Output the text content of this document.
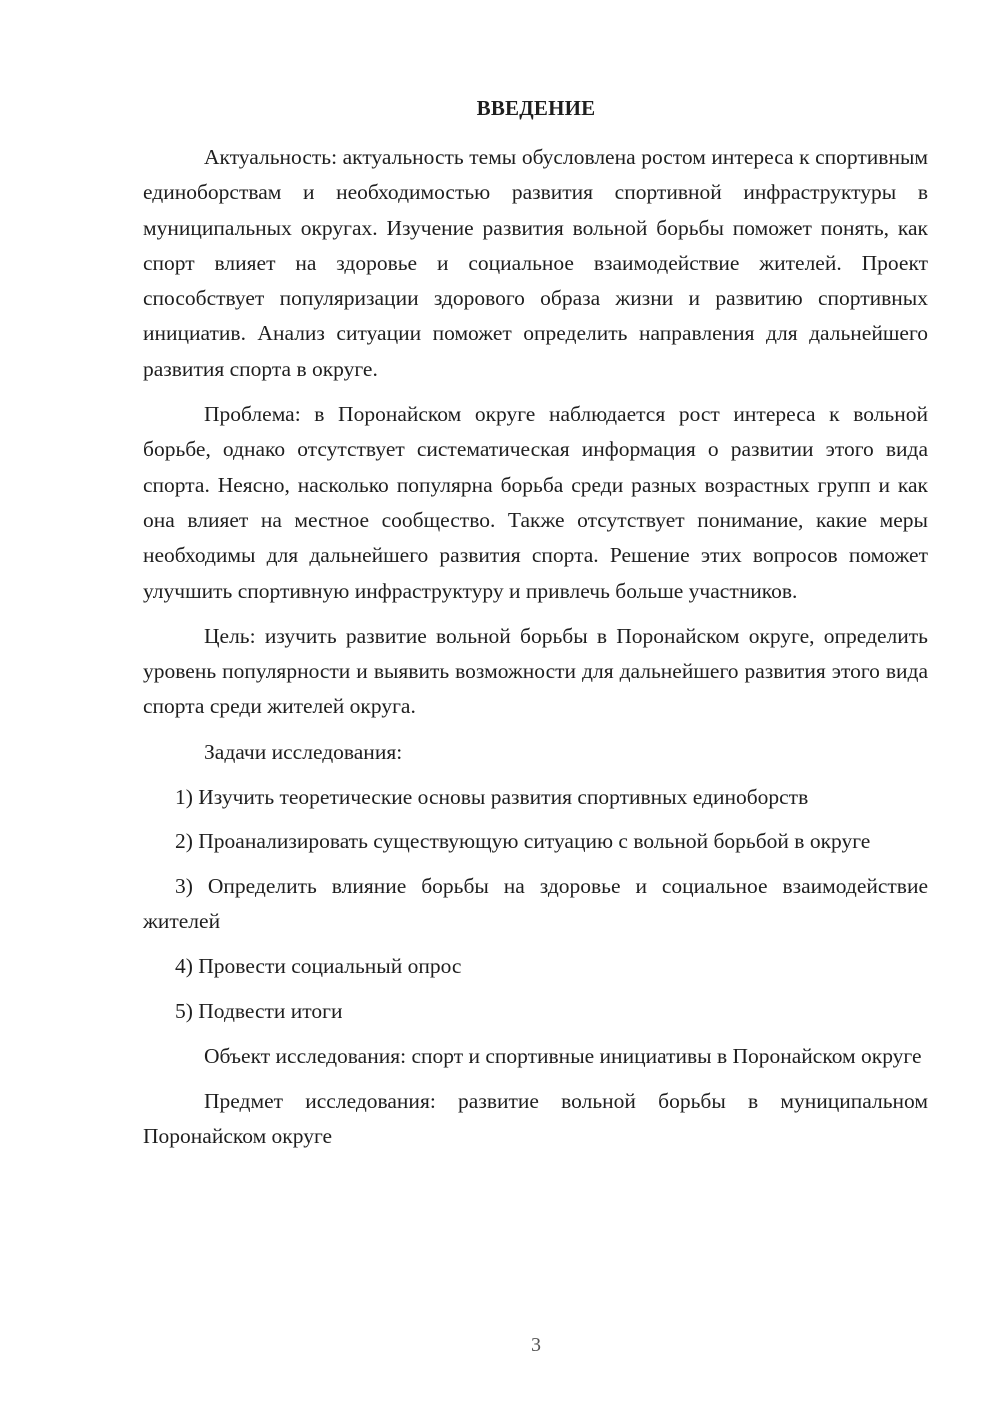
ВВЕДЕНИЕ

Актуальность: актуальность темы обусловлена ростом интереса к спортивным единоборствам и необходимостью развития спортивной инфраструктуры в муниципальных округах. Изучение развития вольной борьбы поможет понять, как спорт влияет на здоровье и социальное взаимодействие жителей. Проект способствует популяризации здорового образа жизни и развитию спортивных инициатив. Анализ ситуации поможет определить направления для дальнейшего развития спорта в округе.

Проблема: в Поронайском округе наблюдается рост интереса к вольной борьбе, однако отсутствует систематическая информация о развитии этого вида спорта. Неясно, насколько популярна борьба среди разных возрастных групп и как она влияет на местное сообщество. Также отсутствует понимание, какие меры необходимы для дальнейшего развития спорта. Решение этих вопросов поможет улучшить спортивную инфраструктуру и привлечь больше участников.

Цель: изучить развитие вольной борьбы в Поронайском округе, определить уровень популярности и выявить возможности для дальнейшего развития этого вида спорта среди жителей округа.

Задачи исследования:

1) Изучить теоретические основы развития спортивных единоборств

2) Проанализировать существующую ситуацию с вольной борьбой в округе

3) Определить влияние борьбы на здоровье и социальное взаимодействие жителей

4) Провести социальный опрос

5) Подвести итоги

Объект исследования: спорт и спортивные инициативы в Поронайском округе

Предмет исследования: развитие вольной борьбы в муниципальном Поронайском округе

3
